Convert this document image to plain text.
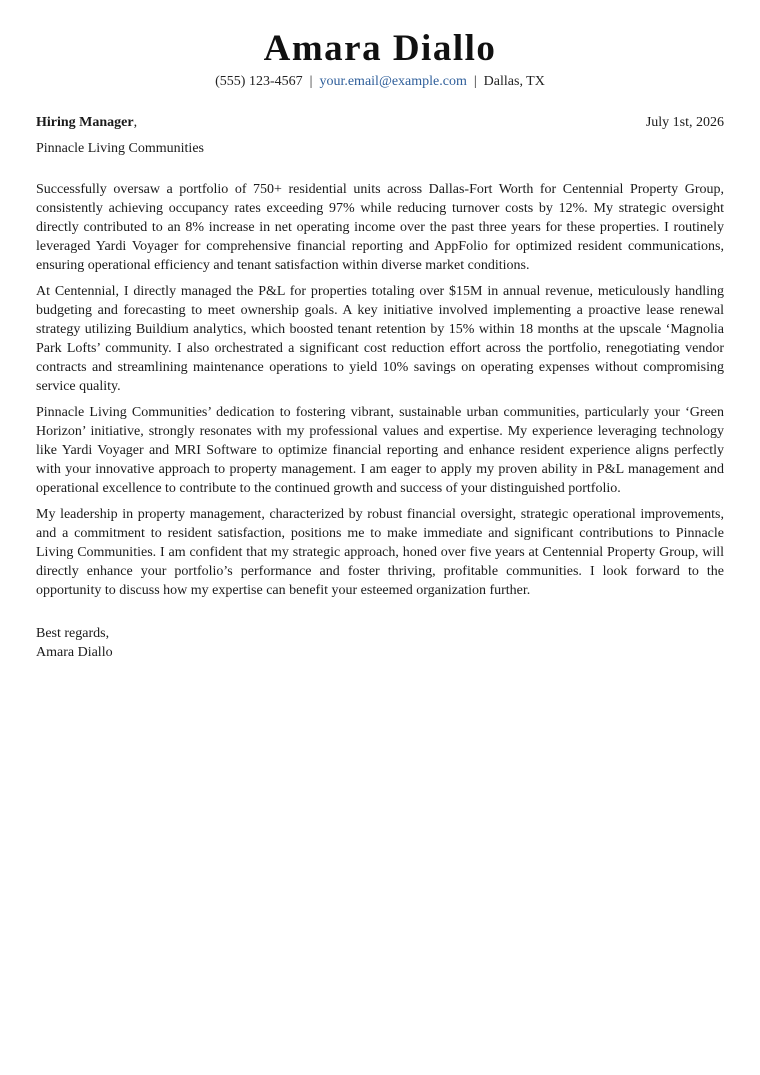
Amara Diallo
(555) 123-4567 | your.email@example.com | Dallas, TX
Hiring Manager,	July 1st, 2026
Pinnacle Living Communities

Successfully oversaw a portfolio of 750+ residential units across Dallas-Fort Worth for Centennial Property Group, consistently achieving occupancy rates exceeding 97% while reducing turnover costs by 12%. My strategic oversight directly contributed to an 8% increase in net operating income over the past three years for these properties. I routinely leveraged Yardi Voyager for comprehensive financial reporting and AppFolio for optimized resident communications, ensuring operational efficiency and tenant satisfaction within diverse market conditions.

At Centennial, I directly managed the P&L for properties totaling over $15M in annual revenue, meticulously handling budgeting and forecasting to meet ownership goals. A key initiative involved implementing a proactive lease renewal strategy utilizing Buildium analytics, which boosted tenant retention by 15% within 18 months at the upscale ‘Magnolia Park Lofts’ community. I also orchestrated a significant cost reduction effort across the portfolio, renegotiating vendor contracts and streamlining maintenance operations to yield 10% savings on operating expenses without compromising service quality.

Pinnacle Living Communities’ dedication to fostering vibrant, sustainable urban communities, particularly your ‘Green Horizon’ initiative, strongly resonates with my professional values and expertise. My experience leveraging technology like Yardi Voyager and MRI Software to optimize financial reporting and enhance resident experience aligns perfectly with your innovative approach to property management. I am eager to apply my proven ability in P&L management and operational excellence to contribute to the continued growth and success of your distinguished portfolio.

My leadership in property management, characterized by robust financial oversight, strategic operational improvements, and a commitment to resident satisfaction, positions me to make immediate and significant contributions to Pinnacle Living Communities. I am confident that my strategic approach, honed over five years at Centennial Property Group, will directly enhance your portfolio’s performance and foster thriving, profitable communities. I look forward to the opportunity to discuss how my expertise can benefit your esteemed organization further.

Best regards,
Amara Diallo
